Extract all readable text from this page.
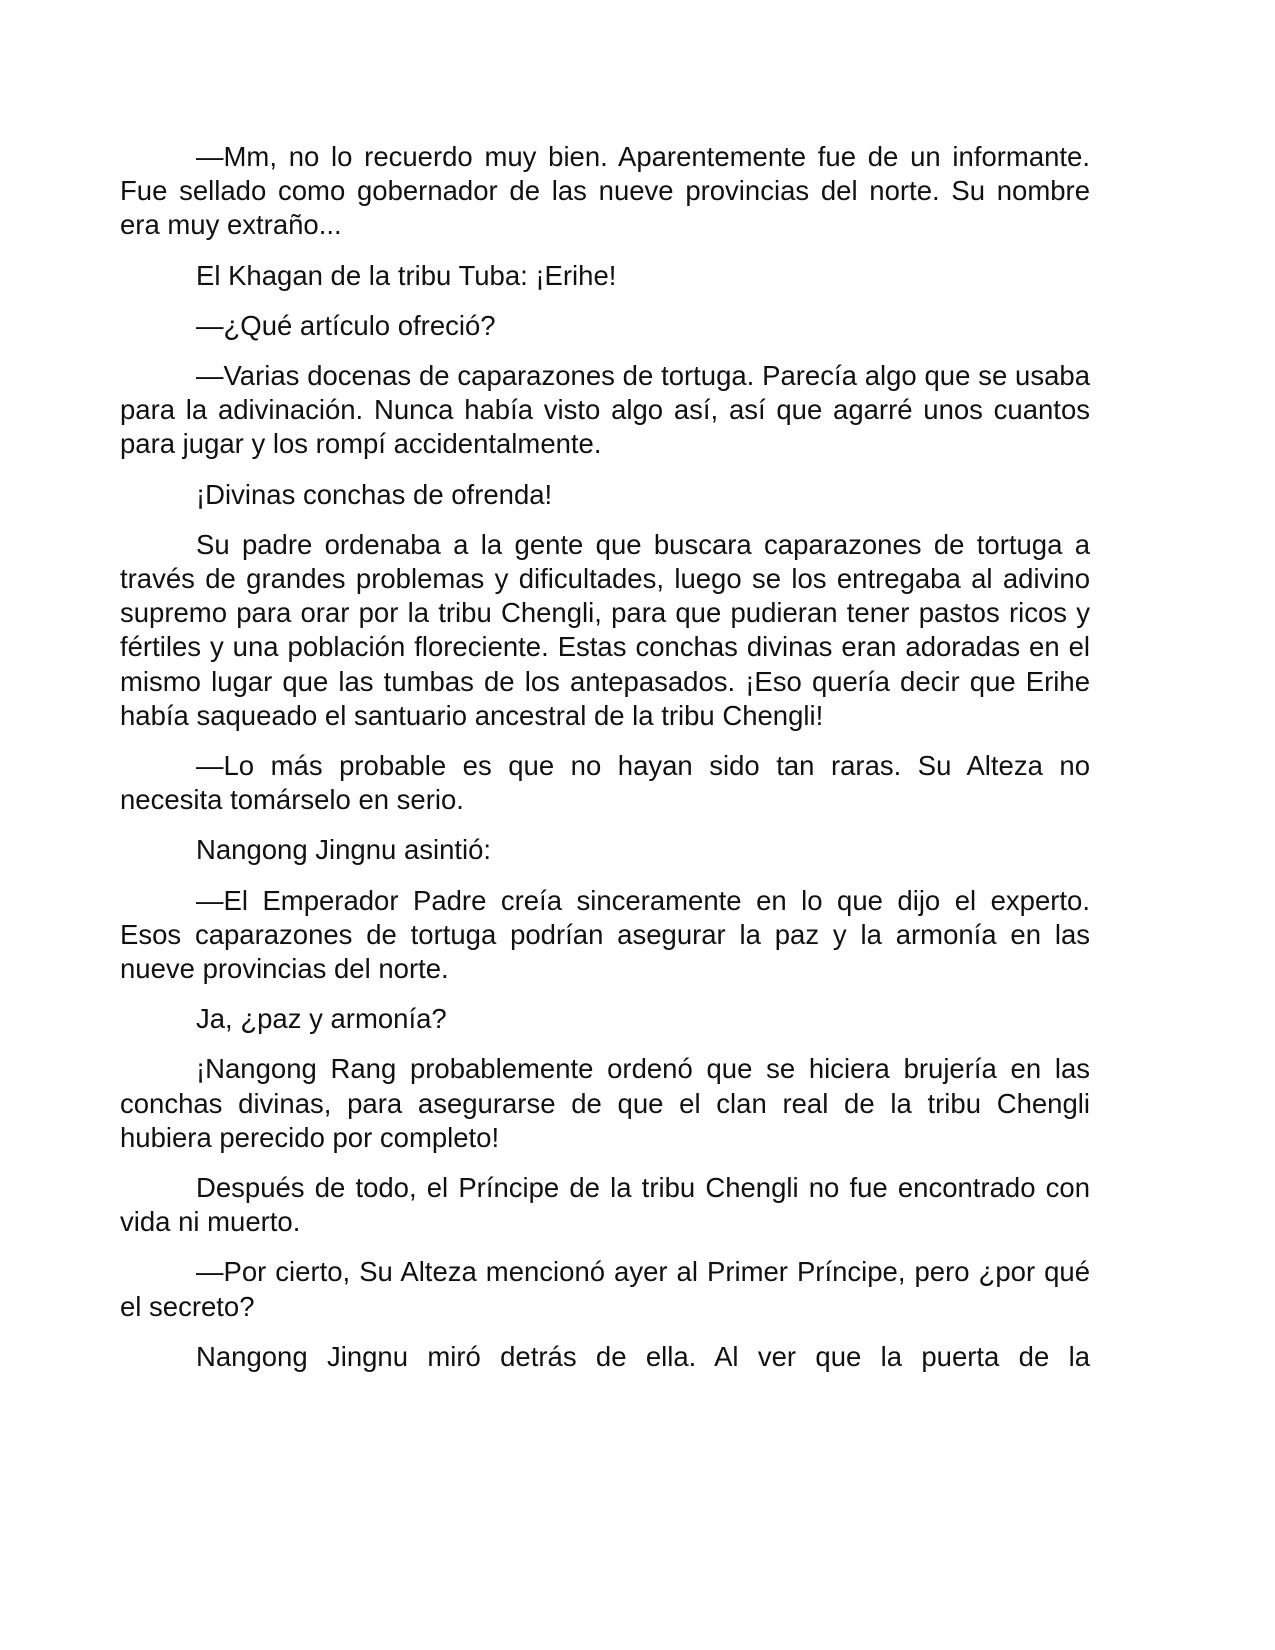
—Mm, no lo recuerdo muy bien. Aparentemente fue de un informante. Fue sellado como gobernador de las nueve provincias del norte. Su nombre era muy extraño...

El Khagan de la tribu Tuba: ¡Erihe!

—¿Qué artículo ofreció?

—Varias docenas de caparazones de tortuga. Parecía algo que se usaba para la adivinación. Nunca había visto algo así, así que agarré unos cuantos para jugar y los rompí accidentalmente.

¡Divinas conchas de ofrenda!

Su padre ordenaba a la gente que buscara caparazones de tortuga a través de grandes problemas y dificultades, luego se los entregaba al adivino supremo para orar por la tribu Chengli, para que pudieran tener pastos ricos y fértiles y una población floreciente. Estas conchas divinas eran adoradas en el mismo lugar que las tumbas de los antepasados. ¡Eso quería decir que Erihe había saqueado el santuario ancestral de la tribu Chengli!

—Lo más probable es que no hayan sido tan raras. Su Alteza no necesita tomárselo en serio.

Nangong Jingnu asintió:

—El Emperador Padre creía sinceramente en lo que dijo el experto. Esos caparazones de tortuga podrían asegurar la paz y la armonía en las nueve provincias del norte.

Ja, ¿paz y armonía?

¡Nangong Rang probablemente ordenó que se hiciera brujería en las conchas divinas, para asegurarse de que el clan real de la tribu Chengli hubiera perecido por completo!

Después de todo, el Príncipe de la tribu Chengli no fue encontrado con vida ni muerto.

—Por cierto, Su Alteza mencionó ayer al Primer Príncipe, pero ¿por qué el secreto?

Nangong Jingnu miró detrás de ella. Al ver que la puerta de la
